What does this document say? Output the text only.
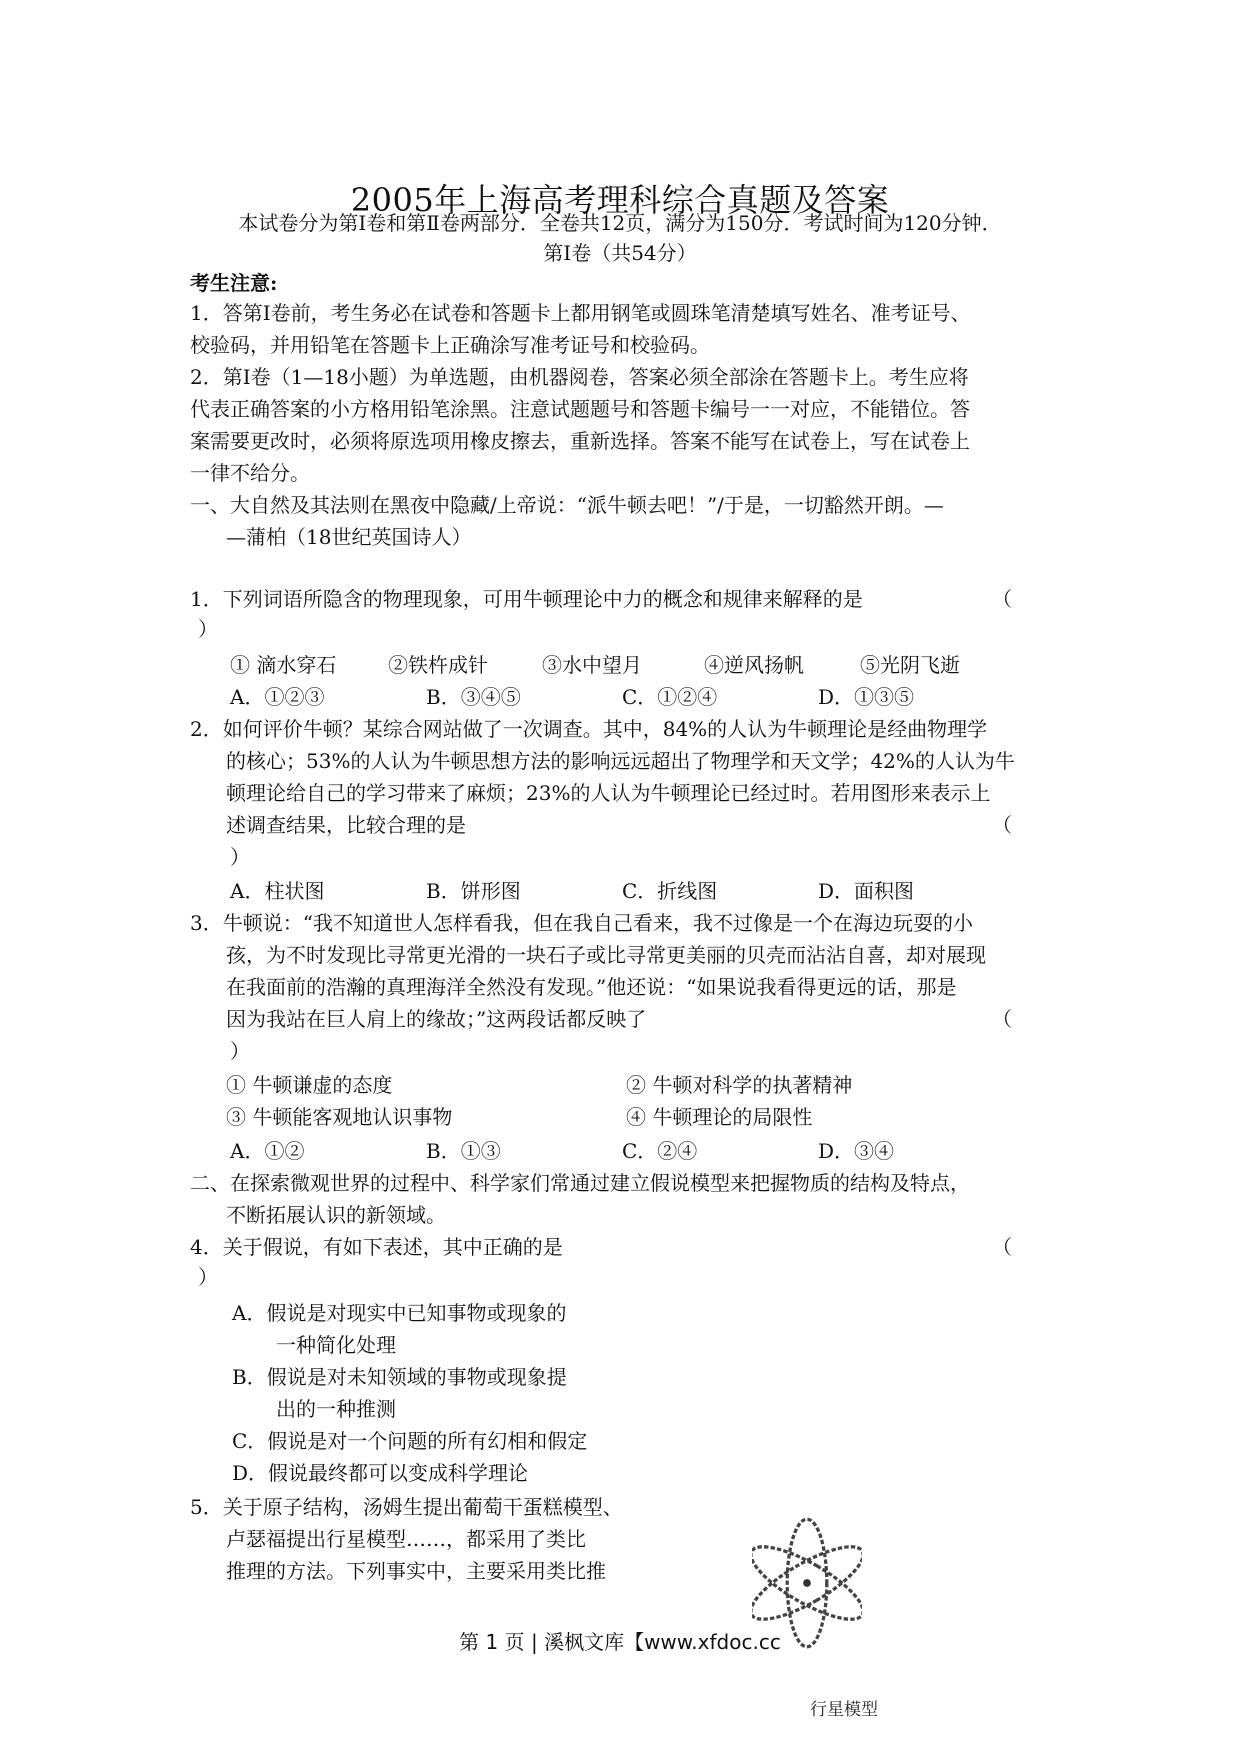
2005年上海高考理科综合真题及答案
本试卷分为第Ⅰ卷和第Ⅱ卷两部分．全卷共12页，满分为150分．考试时间为120分钟．
第Ⅰ卷（共54分）
考生注意:
1．答第Ⅰ卷前，考生务必在试卷和答题卡上都用钢笔或圆珠笔清楚填写姓名、准考证号、
校验码，并用铅笔在答题卡上正确涂写准考证号和校验码。
2．第Ⅰ卷（1—18小题）为单选题，由机器阅卷，答案必须全部涂在答题卡上。考生应将
代表正确答案的小方格用铅笔涂黑。注意试题题号和答题卡编号一一对应，不能错位。答
案需要更改时，必须将原选项用橡皮擦去，重新选择。答案不能写在试卷上，写在试卷上
一律不给分。
一、大自然及其法则在黑夜中隐藏/上帝说：“派牛顿去吧！”/于是，一切豁然开朗。—
—蒲柏（18世纪英国诗人）
1．下列词语所隐含的物理现象，可用牛顿理论中力的概念和规律来解释的是	（
）
① 滴水穿石	②铁杵成针	③水中望月	④逆风扬帆	⑤光阴飞逝
A．①②③	B．③④⑤	C．①②④	D．①③⑤
2．如何评价牛顿？某综合网站做了一次调查。其中，84%的人认为牛顿理论是经曲物理学
的核心；53%的人认为牛顿思想方法的影响远远超出了物理学和天文学；42%的人认为牛
顿理论给自己的学习带来了麻烦；23%的人认为牛顿理论已经过时。若用图形来表示上
述调查结果，比较合理的是	（
）
A．柱状图	B．饼形图	C．折线图	D．面积图
3．牛顿说：“我不知道世人怎样看我，但在我自己看来，我不过像是一个在海边玩耍的小
孩，为不时发现比寻常更光滑的一块石子或比寻常更美丽的贝壳而沾沾自喜，却对展现
在我面前的浩瀚的真理海洋全然没有发现。”他还说：“如果说我看得更远的话，那是
因为我站在巨人肩上的缘故；”这两段话都反映了	（
）
① 牛顿谦虚的态度	② 牛顿对科学的执著精神
③ 牛顿能客观地认识事物	④ 牛顿理论的局限性
A．①②	B．①③	C．②④	D．③④
二、在探索微观世界的过程中、科学家们常通过建立假说模型来把握物质的结构及特点，
不断拓展认识的新领域。
4．关于假说，有如下表述，其中正确的是	（
）
A．假说是对现实中已知事物或现象的
一种简化处理
B．假说是对未知领域的事物或现象提
出的一种推测
C．假说是对一个问题的所有幻相和假定
D．假说最终都可以变成科学理论
5．关于原子结构，汤姆生提出葡萄干蛋糕模型、
卢瑟福提出行星模型……，都采用了类比
推理的方法。下列事实中，主要采用类比推
行星模型
第 1 页 | 溪枫文库【www.xfdoc.cc
